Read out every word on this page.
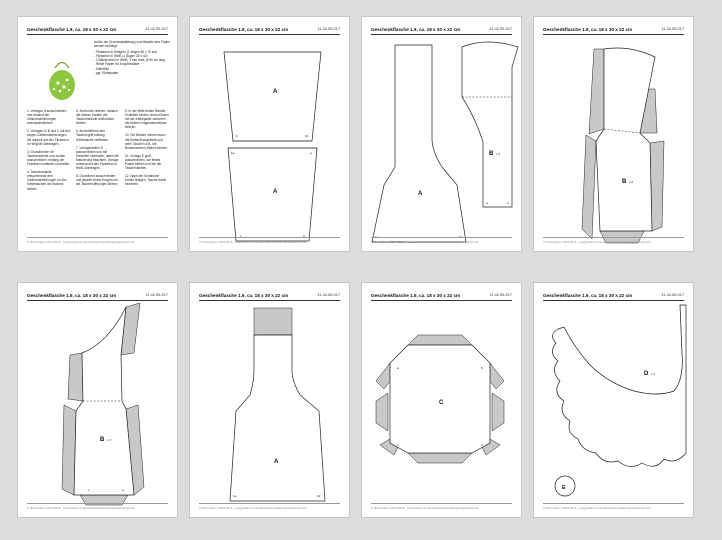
Geschenkflasche 1.9, ca. 18 x 30 x 22 cm	11-42-55-017
Außer der Grundausstattung (zum Basteln aus Papier werden benötigt:
- Filzkarton in Hellgrün (1 Bogen 50 x 70 cm)
- Filzkarton in Weiß (1 Bogen 30 x 42)
- 2 Bänderchen in Weiß, 3 mm breit, je 60 cm lang
- Reste Papier für Knopfbesätze
- Klebefilm
- ggf. Klebepaste

1. Vorlagen A ausschneiden und anhand der Zahlenmarkierungen aneinanderkleben.

2. Vorlagen A, B und C mit den zeigen Zahlenmarkierungen als doppelt auf den Filzkarton in Hellgrün übertragen.

3. Grundformen für Taschenwände und -boden ausschneiden, entlang der Falzlinien vorfalzen und falten.

4. Taschenwände entsprechend den Zahlenmarkierungen an den Klebelaschen der Bodens kleben.

5. Zuerst die unteren, danach die oberen Kanten der Taschenwände aneinander kleben.

6. Anschließend den Taschengriff entlang Klebelasche verkleben.

7. Vorlagenteilen D ausschneiden und mit Klebefilm verbinden, dabei die Markierung beachten. Vorlage zweimal auf den Filzkarton in Weiß übertragen.

8. Grundform ausschneiden und jeweils einem Kragen um die Taschenöffnungen kleben.

9. In der Mitte beider Bänder Schleifen binden, deren Enden mit der Klebepaste zwischen die beiden Kragenabschlüsse fixieren.

10. Die Bänder können auch mit Klebeoff angeklebt und beim Taschen a.B. mit Bunsenahmen-Stanzt werden.

11. Vorlage E groß ausschneiden, auf festes Papier kleben und bei der Taschenkleben.

12. Nach der Schablone Kreise fertigen, Tasche damit beziehen.

© Ilma Dotter, 2014-2016 - crazypatterns.net/de/shop/ilmadotter/geraeteschmuck
Geschenkflasche 1.9, ca. 18 x 30 x 22 cm	11-42-55-017
A
b	1b
A
1a	a
c	d
© Ilma Dotter, 2014-2016 - crazypatterns.net/de/shop/ilmadotter/geraeteschmuck
Geschenkflasche 1.9, ca. 18 x 30 x 22 cm	11-42-55-017
A
1a	1b
B x 2
a	b
© Ilma Dotter, 2014-2016 - crazypatterns.net/de/shop/ilmadotter/geraeteschmuck
Geschenkflasche 1.9, ca. 18 x 30 x 22 cm	11-42-55-017
B x 2
© Ilma Dotter, 2014-2016 - crazypatterns.net/de/shop/ilmadotter/geraeteschmuck
Geschenkflasche 1.9, ca. 18 x 30 x 22 cm	11-42-55-017
B x 2
c	d
© Ilma Dotter, 2014-2016 - crazypatterns.net/de/shop/ilmadotter/geraeteschmuck
Geschenkflasche 1.9, ca. 18 x 30 x 22 cm	11-42-55-017
A
1a	1b
© Ilma Dotter, 2014-2016 - crazypatterns.net/de/shop/ilmadotter/geraeteschmuck
Geschenkflasche 1.9, ca. 18 x 30 x 22 cm	11-42-55-017
C
a	b
c	d
© Ilma Dotter, 2014-2016 - crazypatterns.net/de/shop/ilmadotter/geraeteschmuck
Geschenkflasche 1.9, ca. 18 x 30 x 22 cm	11-42-55-017
D x 2
E
© Ilma Dotter, 2014-2016 - crazypatterns.net/de/shop/ilmadotter/geraeteschmuck
